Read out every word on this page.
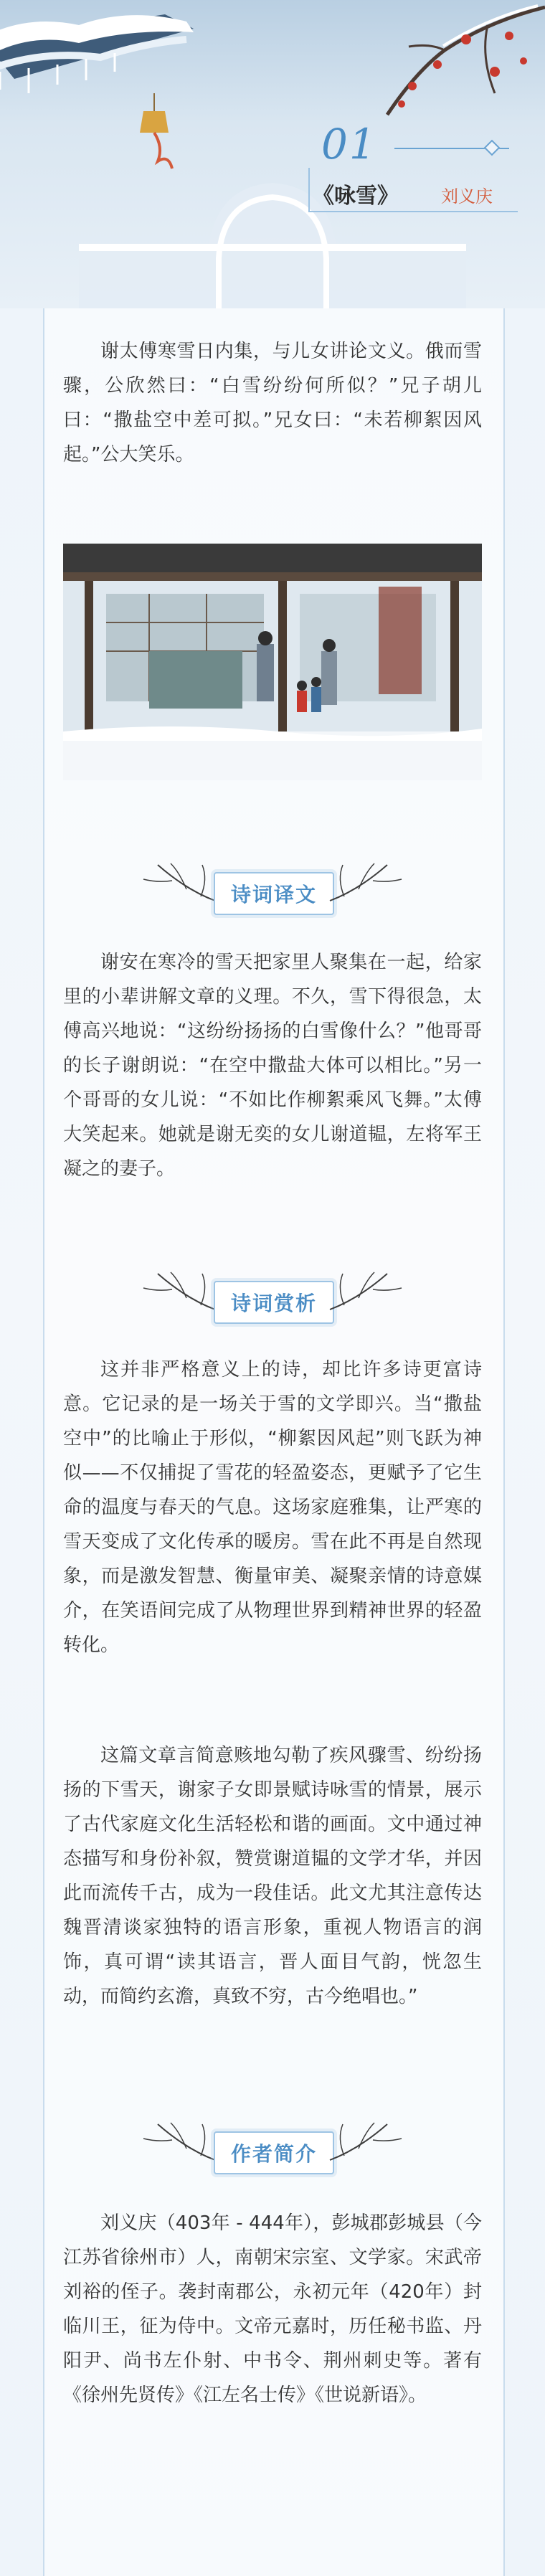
01
《咏雪》 刘义庆

谢太傅寒雪日内集，与儿女讲论文义。俄而雪骤，公欣然曰：“白雪纷纷何所似？”兄子胡儿曰：“撒盐空中差可拟。”兄女曰：“未若柳絮因风起。”公大笑乐。

诗词译文

谢安在寒冷的雪天把家里人聚集在一起，给家里的小辈讲解文章的义理。不久，雪下得很急，太傅高兴地说：“这纷纷扬扬的白雪像什么？”他哥哥的长子谢朗说：“在空中撒盐大体可以相比。”另一个哥哥的女儿说：“不如比作柳絮乘风飞舞。”太傅大笑起来。她就是谢无奕的女儿谢道韫，左将军王凝之的妻子。

诗词赏析

这并非严格意义上的诗，却比许多诗更富诗意。它记录的是一场关于雪的文学即兴。当“撒盐空中”的比喻止于形似，“柳絮因风起”则飞跃为神似——不仅捕捉了雪花的轻盈姿态，更赋予了它生命的温度与春天的气息。这场家庭雅集，让严寒的雪天变成了文化传承的暖房。雪在此不再是自然现象，而是激发智慧、衡量审美、凝聚亲情的诗意媒介，在笑语间完成了从物理世界到精神世界的轻盈转化。

这篇文章言简意赅地勾勒了疾风骤雪、纷纷扬扬的下雪天，谢家子女即景赋诗咏雪的情景，展示了古代家庭文化生活轻松和谐的画面。文中通过神态描写和身份补叙，赞赏谢道韫的文学才华，并因此而流传千古，成为一段佳话。此文尤其注意传达魏晋清谈家独特的语言形象，重视人物语言的润饰，真可谓“读其语言，晋人面目气韵，恍忽生动，而简约玄澹，真致不穷，古今绝唱也。”

作者简介

刘义庆（403年 - 444年），彭城郡彭城县（今江苏省徐州市）人，南朝宋宗室、文学家。宋武帝刘裕的侄子。袭封南郡公，永初元年（420年）封临川王，征为侍中。文帝元嘉时，历任秘书监、丹阳尹、尚书左仆射、中书令、荆州刺史等。著有《徐州先贤传》《江左名士传》《世说新语》。
